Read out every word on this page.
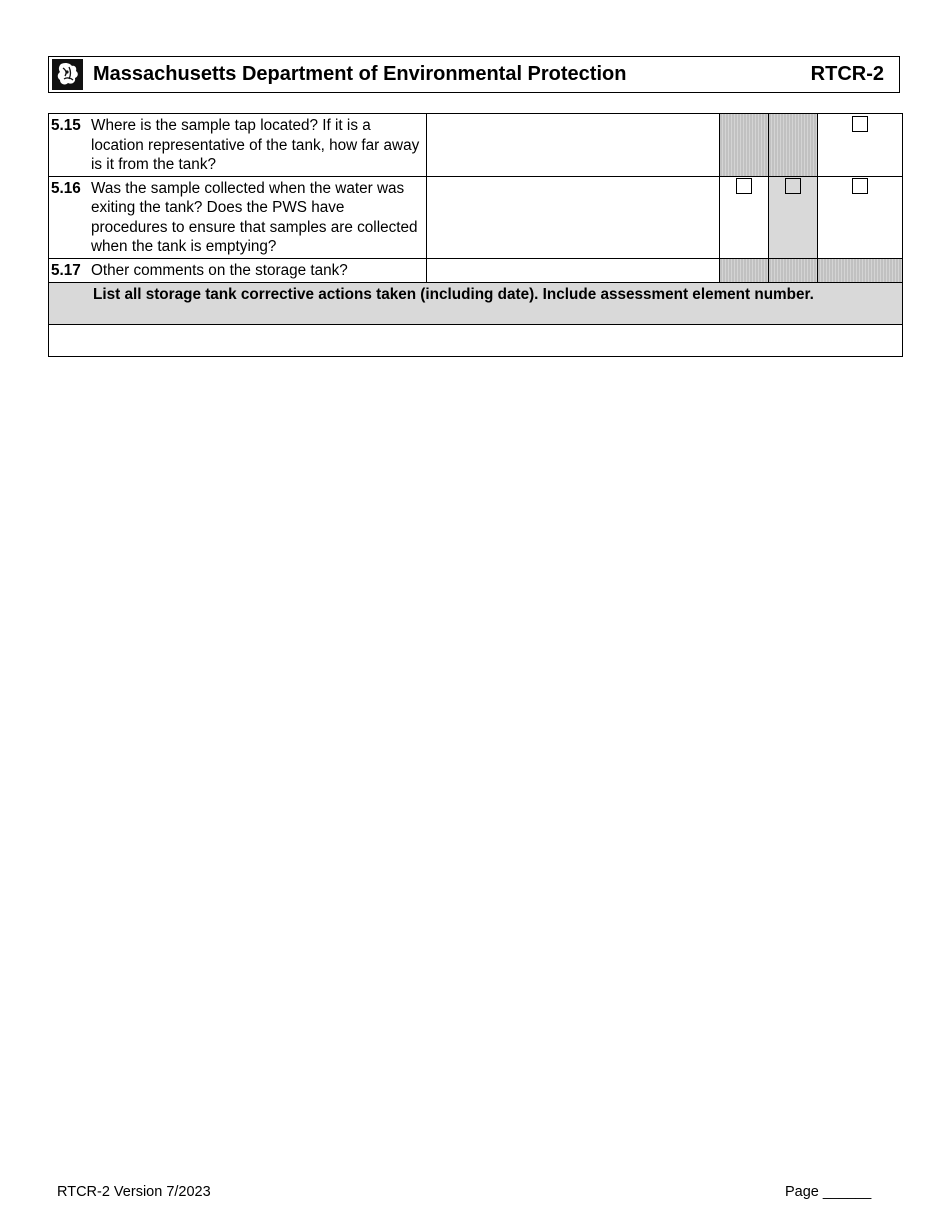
Massachusetts Department of Environmental Protection	RTCR-2
5.15 Where is the sample tap located? If it is a location representative of the tank, how far away is it from the tank?				

5.16 Was the sample collected when the water was exiting the tank? Does the PWS have procedures to ensure that samples are collected when the tank is emptying?				

5.17 Other comments on the storage tank?				

List all storage tank corrective actions taken (including date). Include assessment element number.				

RTCR-2 Version 7/2023	Page ______
